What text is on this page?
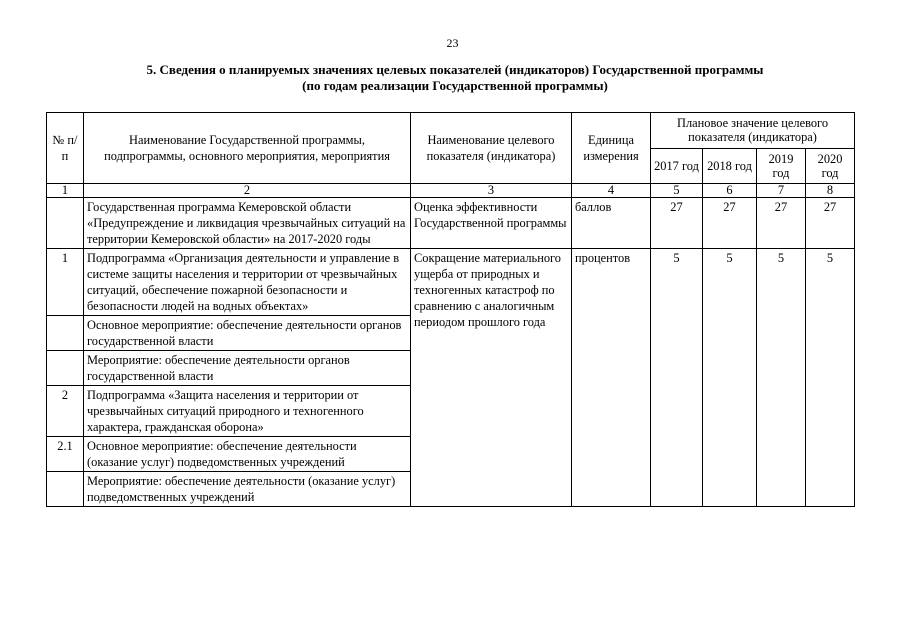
23
5. Сведения о планируемых значениях целевых показателей (индикаторов) Государственной программы
(по годам реализации Государственной программы)
№ п/п	Наименование Государственной программы, подпрограммы, основного мероприятия, мероприятия	Наименование целевого показателя (индикатора)	Единица измерения	Плановое значение целевого показателя (индикатора)			
				2017 год	2018 год	2019 год	2020 год
1	2	3	4	5	6	7	8
	Государственная программа Кемеровской области «Предупреждение и ликвидация чрезвычайных ситуаций на территории Кемеровской области» на 2017-2020 годы	Оценка эффективности Государственной программы	баллов	27	27	27	27
1	Подпрограмма «Организация деятельности и управление в системе защиты населения и территории от чрезвычайных ситуаций, обеспечение пожарной безопасности и безопасности людей на водных объектах»	Сокращение материального ущерба от природных и техногенных катастроф по сравнению с аналогичным периодом прошлого года	процентов	5	5	5	5
	Основное мероприятие: обеспечение деятельности органов государственной власти						
	Мероприятие: обеспечение деятельности органов государственной власти						
2	Подпрограмма «Защита населения и территории от чрезвычайных ситуаций природного и техногенного характера, гражданская оборона»						
2.1	Основное мероприятие: обеспечение деятельности (оказание услуг) подведомственных учреждений						
	Мероприятие: обеспечение деятельности (оказание услуг) подведомственных учреждений						
